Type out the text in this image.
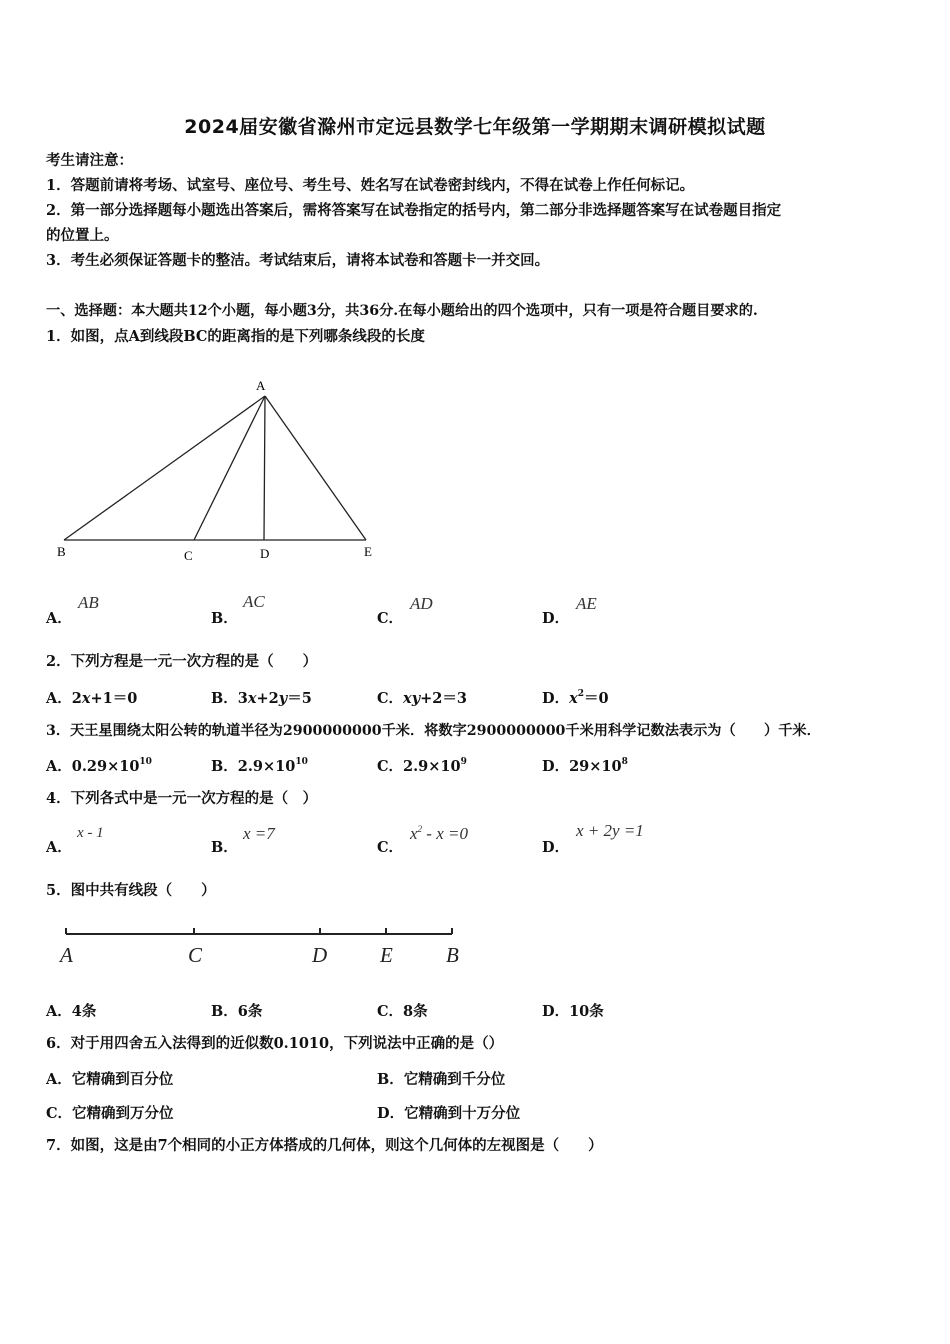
2024届安徽省滁州市定远县数学七年级第一学期期末调研模拟试题
考生请注意：
1．答题前请将考场、试室号、座位号、考生号、姓名写在试卷密封线内，不得在试卷上作任何标记。
2．第一部分选择题每小题选出答案后，需将答案写在试卷指定的括号内，第二部分非选择题答案写在试卷题目指定
的位置上。
3．考生必须保证答题卡的整洁。考试结束后，请将本试卷和答题卡一并交回。
一、选择题：本大题共12个小题，每小题3分，共36分.在每小题给出的四个选项中，只有一项是符合题目要求的.
1．如图，点A到线段BC的距离指的是下列哪条线段的长度
A
B	C	D	E
A．
AB
B．
AC
C．
AD
D．
AE
2．下列方程是一元一次方程的是（　　）
A．2x+1＝0	B．3x+2y＝5	C．xy+2＝3	D．$x^2=0$
3．天王星围绕太阳公转的轨道半径为2900000000千米．将数字2900000000千米用科学记数法表示为（　　）千米．
A．$0.29\times 10^{10}$	B．$2.9\times 10^{10}$	C．$2.9\times 10^9$	D．$29\times 10^8$
4．下列各式中是一元一次方程的是（　）
A．
x - 1
B．
x =7
C．
$x^2 - x =0$
D．
x + 2y =1
5．图中共有线段（　　）
A	C	D	E	B
A．4条	B．6条	C．8条	D．10条
6．对于用四舍五入法得到的近似数0.1010，下列说法中正确的是（）
A．它精确到百分位	B．它精确到千分位
C．它精确到万分位	D．它精确到十万分位
7．如图，这是由7个相同的小正方体搭成的几何体，则这个几何体的左视图是（　　）
